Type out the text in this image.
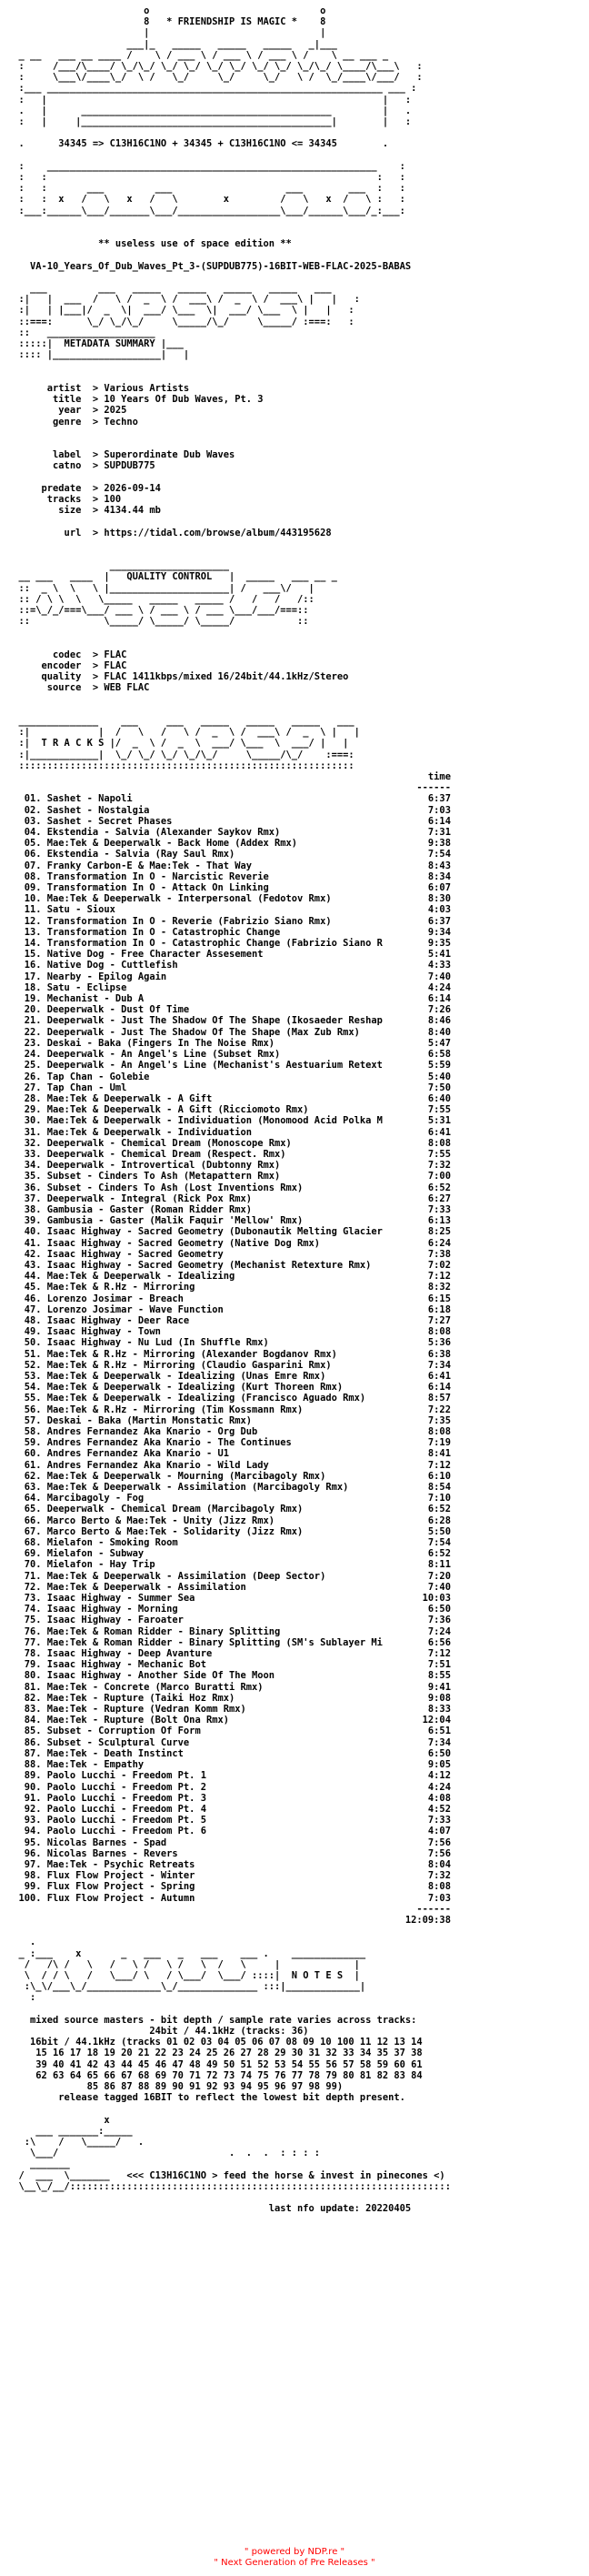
o                              o
8   * FRIENDSHIP IS MAGIC *    8
|                              |
___|_   _____   _____   _____   _|___
_ __   ___ __ ____ /    \ / ___ \ / ___ \ / ___ \ /    \ __ ___ _
:     /___/\____/ \_/\_/ \_/ \_/ \_/ \_/ \_/ \_/ \_/\_/ \____/\___\   :
:     \___\/____\_/  \ /   \_/     \_/     \_/   \ /  \_/____\/___/   :
:___ ___________________________________________________________ ___ :
:   |                                                           |   :
.   |      ____________________________________________         |   .
:   |     |____________________________________________|        |   :

.      34345 => C13H16C1NO + 34345 + C13H16C1NO <= 34345        .

:    __________________________________________________________    :
:   :                                                          :   :
:   :       ___         ___                    ___        ___  :   :
:   :  x   /   \   x   /   \        x         /   \   x  /   \ :   :
:___:______\___/_______\___/__________________\___/______\___/_:___:

** useless use of space edition **

VA-10_Years_Of_Dub_Waves_Pt_3-(SUPDUB775)-16BIT-WEB-FLAC-2025-BABAS

___         ___   _____   _____   _____   _____   ___
:|   |  ___  /   \ /  _  \ /  ___\ /  _  \ /  ___\ |   |   :
:|   | |___|/  _  \|  ___/ \___  \|  ___/ \___  \ |   |   :
::===:      \_/ \_/\_/     \_____/\_/     \_____/ :===:   :
::   ___________________
:::::|  METADATA SUMMARY |___
:::: |___________________|   |

artist  > Various Artists
title  > 10 Years Of Dub Waves, Pt. 3
year  > 2025
genre  > Techno

label  > Superordinate Dub Waves
catno  > SUPDUB775

predate  > 2026-09-14
tracks  > 100
size  > 4134.44 mb

url  > https://tidal.com/browse/album/443195628

_____________________
__ ___   ____  |   QUALITY CONTROL   |  _____   ___ __ _
::  _ \  \   \ |_____________________| /   ___\/   |
:: / \ \  \   \_____   _____   _____ /   /   /   /::
::=\_/_/===\___/ ___ \ / ___ \ / ___ \___/___/===::
::             \_____/ \_____/ \_____/           ::

codec  > FLAC
encoder  > FLAC
quality  > FLAC 1411kbps/mixed 16/24bit/44.1kHz/Stereo
source  > WEB FLAC

______________    ___     ___   _____   _____   _____   ___
:|            |  /   \   /   \ /  _  \ /  ___\ /  _  \ |   |
:|  T R A C K S |/  _  \ /  _  \  ___/ \___  \  ___/ |   |
:|____________|  \_/ \_/ \_/ \_/\_/     \_____/\_/    :===:
:::::::::::::::::::::::::::::::::::::::::::::::::::::::::::
time
------
01. Sashet - Napoli                                                    6:37
02. Sashet - Nostalgia                                                 7:03
03. Sashet - Secret Phases                                             6:14
04. Ekstendia - Salvia (Alexander Saykov Rmx)                          7:31
05. Mae:Tek & Deeperwalk - Back Home (Addex Rmx)                       9:38
06. Ekstendia - Salvia (Ray Saul Rmx)                                  7:54
07. Franky Carbon-E & Mae:Tek - That Way                               8:43
08. Transformation In O - Narcistic Reverie                            8:34
09. Transformation In O - Attack On Linking                            6:07
10. Mae:Tek & Deeperwalk - Interpersonal (Fedotov Rmx)                 8:30
11. Satu - Sioux                                                       4:03
12. Transformation In O - Reverie (Fabrizio Siano Rmx)                 6:37
13. Transformation In O - Catastrophic Change                          9:34
14. Transformation In O - Catastrophic Change (Fabrizio Siano R        9:35
15. Native Dog - Free Character Assesement                             5:41
16. Native Dog - Cuttlefish                                            4:33
17. Nearby - Epilog Again                                              7:40
18. Satu - Eclipse                                                     4:24
19. Mechanist - Dub A                                                  6:14
20. Deeperwalk - Dust Of Time                                          7:26
21. Deeperwalk - Just The Shadow Of The Shape (Ikosaeder Reshap        8:46
22. Deeperwalk - Just The Shadow Of The Shape (Max Zub Rmx)            8:40
23. Deskai - Baka (Fingers In The Noise Rmx)                           5:47
24. Deeperwalk - An Angel's Line (Subset Rmx)                          6:58
25. Deeperwalk - An Angel's Line (Mechanist's Aestuarium Retext        5:59
26. Tap Chan - Golebie                                                 5:40
27. Tap Chan - Uml                                                     7:50
28. Mae:Tek & Deeperwalk - A Gift                                      6:40
29. Mae:Tek & Deeperwalk - A Gift (Ricciomoto Rmx)                     7:55
30. Mae:Tek & Deeperwalk - Individuation (Monomood Acid Polka M        5:31
31. Mae:Tek & Deeperwalk - Individuation                               6:41
32. Deeperwalk - Chemical Dream (Monoscope Rmx)                        8:08
33. Deeperwalk - Chemical Dream (Respect. Rmx)                         7:55
34. Deeperwalk - Introvertical (Dubtonny Rmx)                          7:32
35. Subset - Cinders To Ash (Metapattern Rmx)                          7:00
36. Subset - Cinders To Ash (Lost Inventions Rmx)                      6:52
37. Deeperwalk - Integral (Rick Pox Rmx)                               6:27
38. Gambusia - Gaster (Roman Ridder Rmx)                               7:33
39. Gambusia - Gaster (Malik Faquir 'Mellow' Rmx)                      6:13
40. Isaac Highway - Sacred Geometry (Dubonautik Melting Glacier        8:25
41. Isaac Highway - Sacred Geometry (Native Dog Rmx)                   6:24
42. Isaac Highway - Sacred Geometry                                    7:38
43. Isaac Highway - Sacred Geometry (Mechanist Retexture Rmx)          7:02
44. Mae:Tek & Deeperwalk - Idealizing                                  7:12
45. Mae:Tek & R.Hz - Mirroring                                         8:32
46. Lorenzo Josimar - Breach                                           6:15
47. Lorenzo Josimar - Wave Function                                    6:18
48. Isaac Highway - Deer Race                                          7:27
49. Isaac Highway - Town                                               8:08
50. Isaac Highway - Nu Lud (In Shuffle Rmx)                            5:36
51. Mae:Tek & R.Hz - Mirroring (Alexander Bogdanov Rmx)                6:38
52. Mae:Tek & R.Hz - Mirroring (Claudio Gasparini Rmx)                 7:34
53. Mae:Tek & Deeperwalk - Idealizing (Unas Emre Rmx)                  6:41
54. Mae:Tek & Deeperwalk - Idealizing (Kurt Thoreen Rmx)               6:14
55. Mae:Tek & Deeperwalk - Idealizing (Francisco Aguado Rmx)           8:57
56. Mae:Tek & R.Hz - Mirroring (Tim Kossmann Rmx)                      7:22
57. Deskai - Baka (Martin Monstatic Rmx)                               7:35
58. Andres Fernandez Aka Knario - Org Dub                              8:08
59. Andres Fernandez Aka Knario - The Continues                        7:19
60. Andres Fernandez Aka Knario - U1                                   8:41
61. Andres Fernandez Aka Knario - Wild Lady                            7:12
62. Mae:Tek & Deeperwalk - Mourning (Marcibagoly Rmx)                  6:10
63. Mae:Tek & Deeperwalk - Assimilation (Marcibagoly Rmx)              8:54
64. Marcibagoly - Fog                                                  7:10
65. Deeperwalk - Chemical Dream (Marcibagoly Rmx)                      6:52
66. Marco Berto & Mae:Tek - Unity (Jizz Rmx)                           6:28
67. Marco Berto & Mae:Tek - Solidarity (Jizz Rmx)                      5:50
68. Mielafon - Smoking Room                                            7:54
69. Mielafon - Subway                                                  6:52
70. Mielafon - Hay Trip                                                8:11
71. Mae:Tek & Deeperwalk - Assimilation (Deep Sector)                  7:20
72. Mae:Tek & Deeperwalk - Assimilation                                7:40
73. Isaac Highway - Summer Sea                                        10:03
74. Isaac Highway - Morning                                            6:50
75. Isaac Highway - Faroater                                           7:36
76. Mae:Tek & Roman Ridder - Binary Splitting                          7:24
77. Mae:Tek & Roman Ridder - Binary Splitting (SM's Sublayer Mi        6:56
78. Isaac Highway - Deep Avanture                                      7:12
79. Isaac Highway - Mechanic Bot                                       7:51
80. Isaac Highway - Another Side Of The Moon                           8:55
81. Mae:Tek - Concrete (Marco Buratti Rmx)                             9:41
82. Mae:Tek - Rupture (Taiki Hoz Rmx)                                  9:08
83. Mae:Tek - Rupture (Vedran Komm Rmx)                                8:33
84. Mae:Tek - Rupture (Bolt Ona Rmx)                                  12:04
85. Subset - Corruption Of Form                                        6:51
86. Subset - Sculptural Curve                                          7:34
87. Mae:Tek - Death Instinct                                           6:50
88. Mae:Tek - Empathy                                                  9:05
89. Paolo Lucchi - Freedom Pt. 1                                       4:12
90. Paolo Lucchi - Freedom Pt. 2                                       4:24
91. Paolo Lucchi - Freedom Pt. 3                                       4:08
92. Paolo Lucchi - Freedom Pt. 4                                       4:52
93. Paolo Lucchi - Freedom Pt. 5                                       7:33
94. Paolo Lucchi - Freedom Pt. 6                                       4:07
95. Nicolas Barnes - Spad                                              7:56
96. Nicolas Barnes - Revers                                            7:56
97. Mae:Tek - Psychic Retreats                                         8:04
98. Flux Flow Project - Winter                                         7:32
99. Flux Flow Project - Spring                                         8:08
100. Flux Flow Project - Autumn                                         7:03
------
12:09:38

.
_ :___    x       _   ___   _   ___    ___ .    _____________
/   /\ /   \   /   \ /   \ /   \  /   \     |             |
\  / / \   /   \___/ \   / \___/  \___/ ::::|  N O T E S  |
:\_\/___\_/_____________\_/______________ :::|_____________|
:

mixed source masters - bit depth / sample rate varies across tracks:
24bit / 44.1kHz (tracks: 36)
16bit / 44.1kHz (tracks 01 02 03 04 05 06 07 08 09 10 100 11 12 13 14
15 16 17 18 19 20 21 22 23 24 25 26 27 28 29 30 31 32 33 34 35 37 38
39 40 41 42 43 44 45 46 47 48 49 50 51 52 53 54 55 56 57 58 59 60 61
62 63 64 65 66 67 68 69 70 71 72 73 74 75 76 77 78 79 80 81 82 83 84
85 86 87 88 89 90 91 92 93 94 95 96 97 98 99)
release tagged 16BIT to reflect the lowest bit depth present.

x
___ _______:_____
:\    /   \_____/   .
\___/                              .  .  .  : : : :
_______
/  ___  \_______   <<< C13H16C1NO > feed the horse & invest in pinecones <)
\__\_/__/:::::::::::::::::::::::::::::::::::::::::::::::::::::::::::::::::::

last nfo update: 20220405

" powered by NDP.re "
" Next Generation of Pre Releases "
